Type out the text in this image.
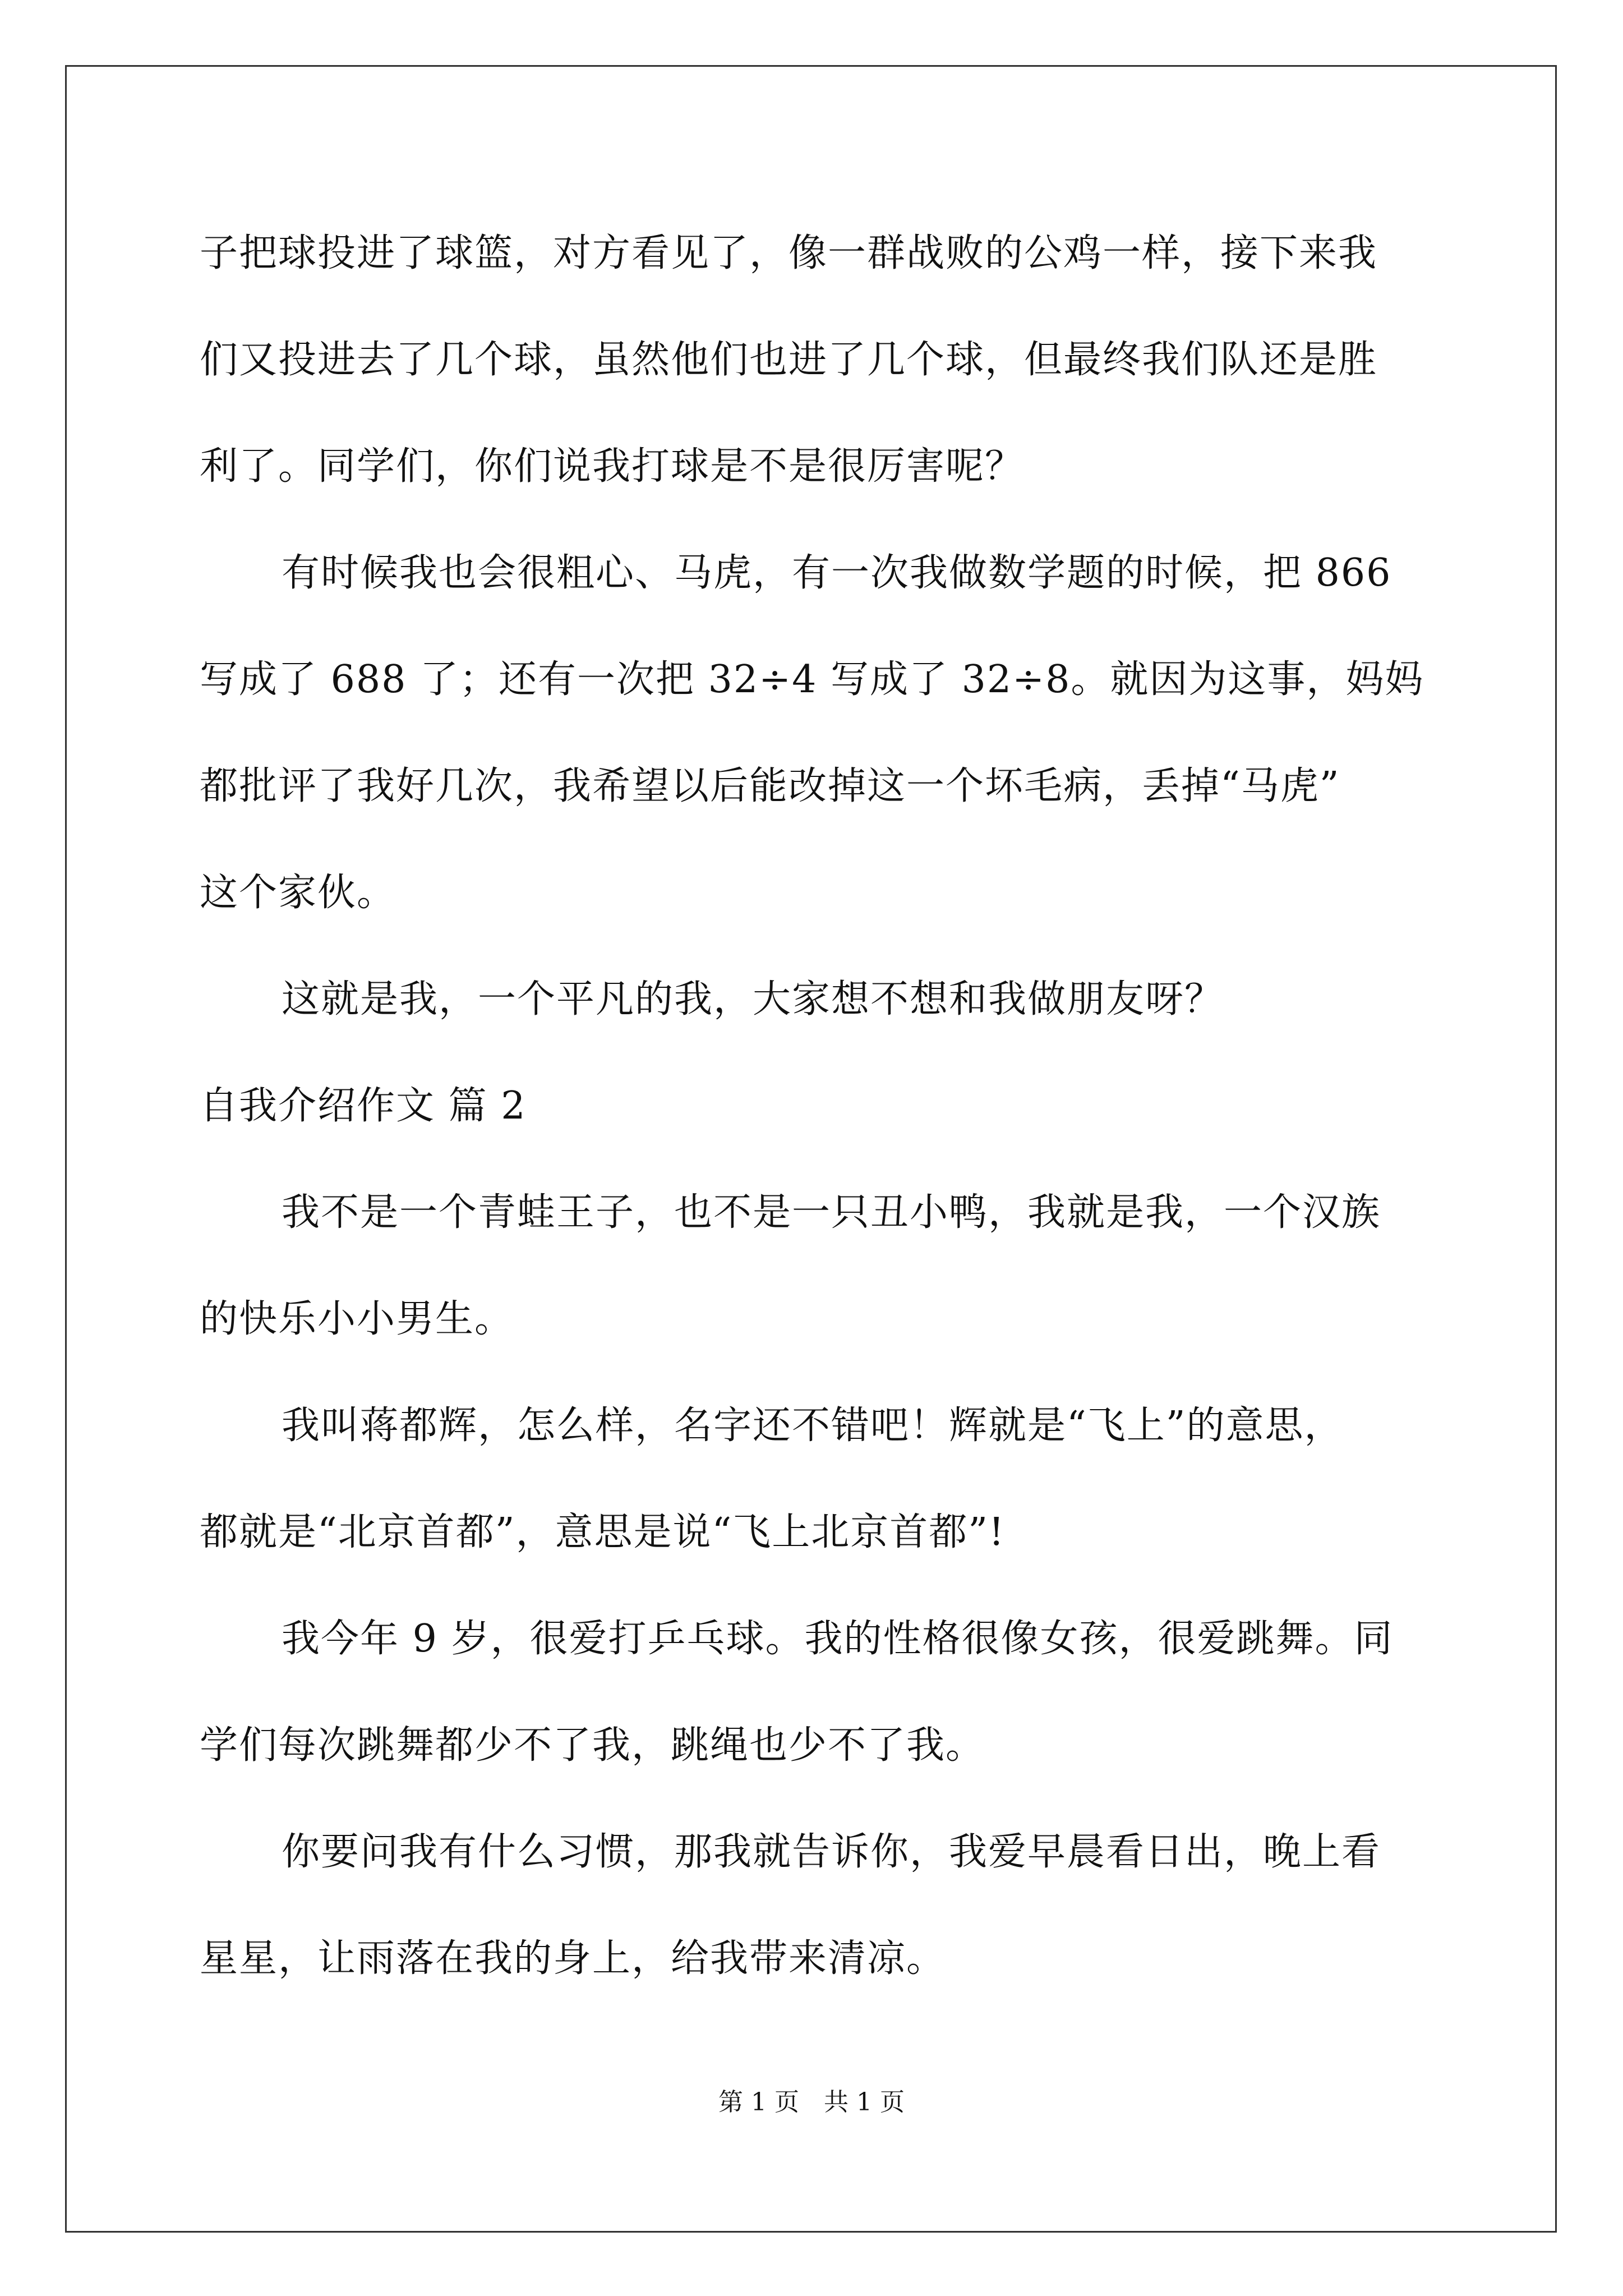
子把球投进了球篮，对方看见了，像一群战败的公鸡一样，接下来我
们又投进去了几个球，虽然他们也进了几个球，但最终我们队还是胜
利了。同学们，你们说我打球是不是很厉害呢？
有时候我也会很粗心、马虎，有一次我做数学题的时候，把 866
写成了 688 了；还有一次把 32÷4 写成了 32÷8。就因为这事，妈妈
都批评了我好几次，我希望以后能改掉这一个坏毛病，丢掉“马虎”
这个家伙。
这就是我，一个平凡的我，大家想不想和我做朋友呀？
自我介绍作文 篇 2
我不是一个青蛙王子，也不是一只丑小鸭，我就是我，一个汉族
的快乐小小男生。
我叫蒋都辉，怎么样，名字还不错吧！辉就是“飞上”的意思，
都就是“北京首都”，意思是说“飞上北京首都”!
我今年 9 岁，很爱打乒乓球。我的性格很像女孩，很爱跳舞。同
学们每次跳舞都少不了我，跳绳也少不了我。
你要问我有什么习惯，那我就告诉你，我爱早晨看日出，晚上看
星星，让雨落在我的身上，给我带来清凉。
第 1 页　共 1 页
